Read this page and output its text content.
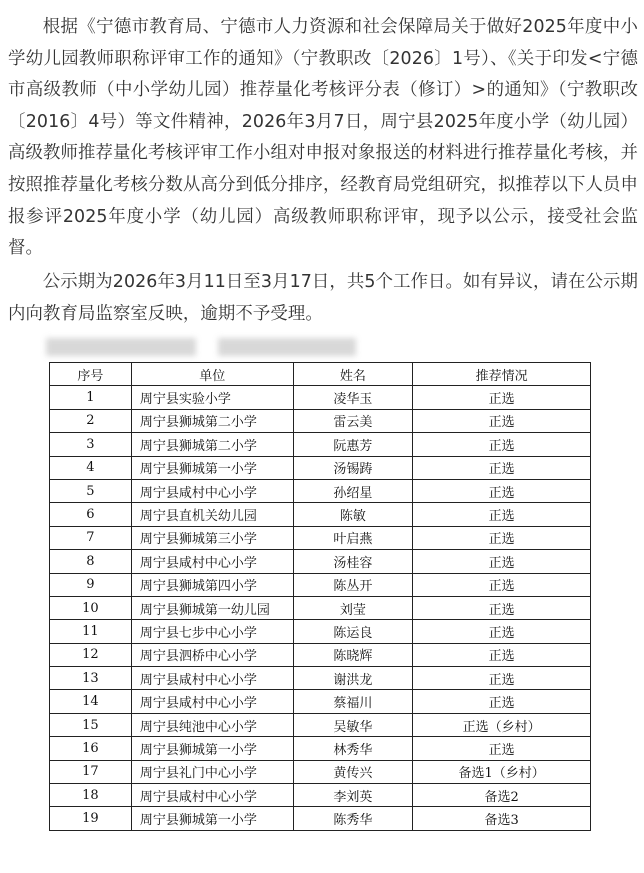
根据《宁德市教育局、宁德市人力资源和社会保障局关于做好2025年度中小学幼儿园教师职称评审工作的通知》（宁教职改〔2026〕1号）、《关于印发<宁德市高级教师（中小学幼儿园）推荐量化考核评分表（修订）>的通知》（宁教职改〔2016〕4号）等文件精神，2026年3月7日，周宁县2025年度小学（幼儿园）高级教师推荐量化考核评审工作小组对申报对象报送的材料进行推荐量化考核，并按照推荐量化考核分数从高分到低分排序，经教育局党组研究，拟推荐以下人员申报参评2025年度小学（幼儿园）高级教师职称评审，现予以公示，接受社会监督。

公示期为2026年3月11日至3月17日，共5个工作日。如有异议，请在公示期内向教育局监察室反映，逾期不予受理。

序号	单位	姓名	推荐情况
1	周宁县实验小学	凌华玉	正选
2	周宁县狮城第二小学	雷云美	正选
3	周宁县狮城第二小学	阮惠芳	正选
4	周宁县狮城第一小学	汤锡踌	正选
5	周宁县咸村中心小学	孙绍星	正选
6	周宁县直机关幼儿园	陈敏	正选
7	周宁县狮城第三小学	叶启燕	正选
8	周宁县咸村中心小学	汤桂容	正选
9	周宁县狮城第四小学	陈丛开	正选
10	周宁县狮城第一幼儿园	刘莹	正选
11	周宁县七步中心小学	陈运良	正选
12	周宁县泗桥中心小学	陈晓辉	正选
13	周宁县咸村中心小学	谢洪龙	正选
14	周宁县咸村中心小学	蔡福川	正选
15	周宁县纯池中心小学	吴敏华	正选（乡村）
16	周宁县狮城第一小学	林秀华	正选
17	周宁县礼门中心小学	黄传兴	备选1（乡村）
18	周宁县咸村中心小学	李刘英	备选2
19	周宁县狮城第一小学	陈秀华	备选3
